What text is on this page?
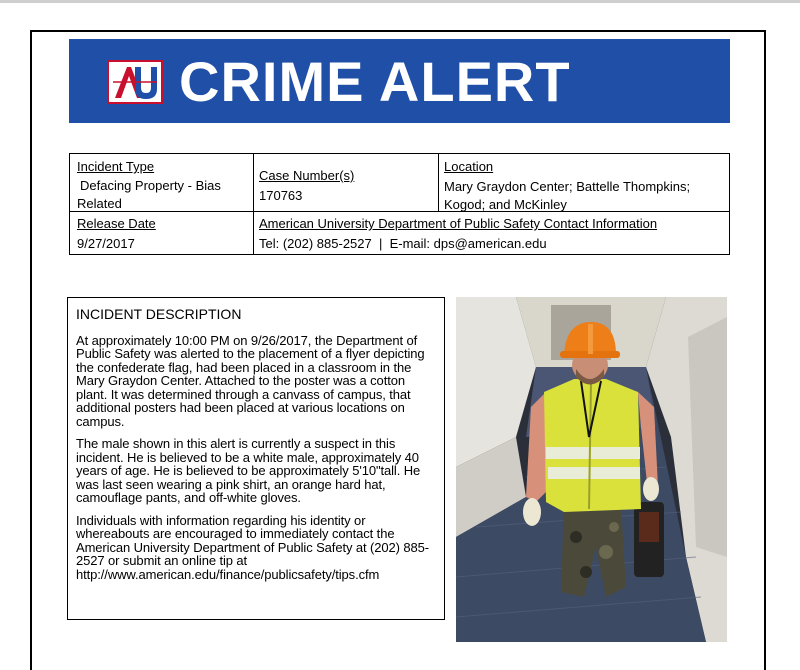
CRIME ALERT
Incident Type
Defacing Property - Bias
Related
Case Number(s)
170763
Location
Mary Graydon Center; Battelle Thompkins;
Kogod; and McKinley
Release Date
9/27/2017
American University Department of Public Safety Contact Information
Tel: (202) 885-2527  |  E-mail: dps@american.edu
INCIDENT DESCRIPTION
At approximately 10:00 PM on 9/26/2017, the Department of Public Safety was alerted to the placement of a flyer depicting the confederate flag, had been placed in a classroom in the Mary Graydon Center. Attached to the poster was a cotton plant. It was determined through a canvass of campus, that additional posters had been placed at various locations on campus.
The male shown in this alert is currently a suspect in this incident. He is believed to be a white male, approximately 40 years of age. He is believed to be approximately 5'10"tall. He was last seen wearing a pink shirt, an orange hard hat, camouflage pants, and off-white gloves.
Individuals with information regarding his identity or whereabouts are encouraged to immediately contact the American University Department of Public Safety at (202) 885-2527 or submit an online tip at http://www.american.edu/finance/publicsafety/tips.cfm
